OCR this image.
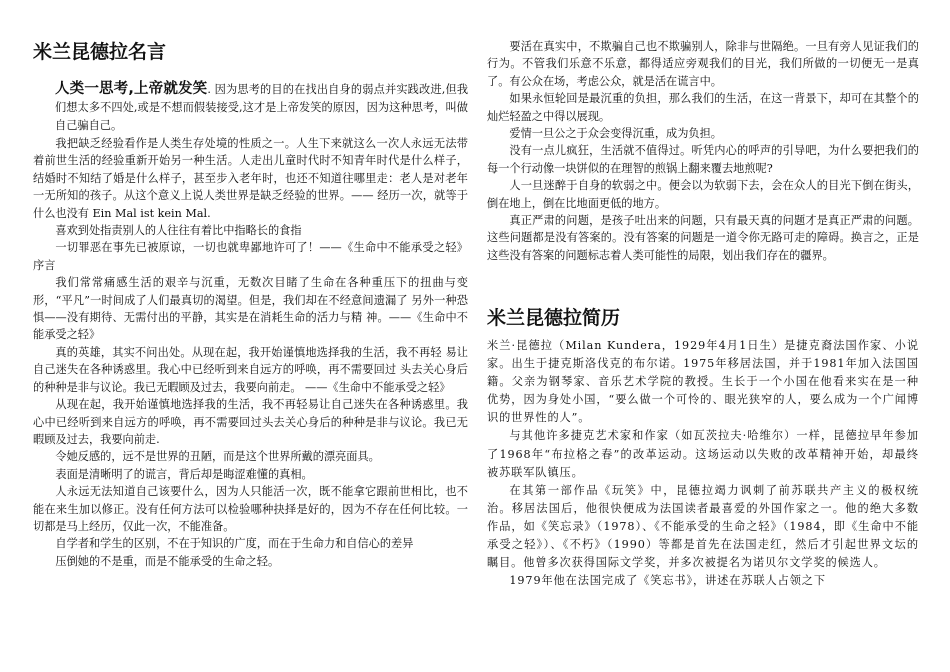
米兰昆德拉名言

人类一思考,上帝就发笑. 因为思考的目的在找出自身的弱点并实践改进,但我们想太多不四处,或是不想而假装接受,这才是上帝发笑的原因，因为这种思考，叫做自己骗自己。

我把缺乏经验看作是人类生存处境的性质之一。人生下来就这么一次人永远无法带着前世生活的经验重新开始另一种生活。人走出儿童时代时不知青年时代是什么样子，结婚时不知结了婚是什么样子，甚至步入老年时，也还不知道往哪里走：老人是对老年一无所知的孩子。从这个意义上说人类世界是缺乏经验的世界。—— 经历一次，就等于什么也没有 Ein Mal ist kein Mal.

喜欢到处指责别人的人往往有着比中指略长的食指

一切罪恶在事先已被原谅，一切也就卑鄙地许可了！——《生命中不能承受之轻》序言

我们常常痛感生活的艰辛与沉重，无数次目睹了生命在各种重压下的扭曲与变形，“平凡”一时间成了人们最真切的渴望。但是，我们却在不经意间遗漏了 另外一种恐惧——没有期待、无需付出的平静，其实是在消耗生命的活力与精 神。——《生命中不能承受之轻》

真的英雄，其实不问出处。从现在起，我开始谨慎地选择我的生活，我不再轻 易让自己迷失在各种诱惑里。我心中已经听到来自远方的呼唤，再不需要回过 头去关心身后的种种是非与议论。我已无暇顾及过去，我要向前走。 ——《生命中不能承受之轻》

从现在起，我开始谨慎地选择我的生活，我不再轻易让自己迷失在各种诱惑里。我心中已经听到来自远方的呼唤，再不需要回过头去关心身后的种种是非与议论。我已无暇顾及过去，我要向前走.

令她反感的，远不是世界的丑陋，而是这个世界所戴的漂亮面具。

表面是清晰明了的谎言，背后却是晦涩难懂的真相。

人永远无法知道自己该要什么，因为人只能活一次，既不能拿它跟前世相比，也不能在来生加以修正。没有任何方法可以检验哪种抉择是好的，因为不存在任何比较。一切都是马上经历，仅此一次，不能准备。

自学者和学生的区别，不在于知识的广度，而在于生命力和自信心的差异

压倒她的不是重，而是不能承受的生命之轻。

要活在真实中，不欺骗自己也不欺骗别人，除非与世隔绝。一旦有旁人见证我们的行为。不管我们乐意不乐意，都得适应旁观我们的目光，我们所做的一切便无一是真了。有公众在场，考虑公众，就是活在谎言中。

如果永恒轮回是最沉重的负担，那么我们的生活，在这一背景下，却可在其整个的灿烂轻盈之中得以展现。

爱情一旦公之于众会变得沉重，成为负担。

没有一点儿疯狂，生活就不值得过。听凭内心的呼声的引导吧，为什么要把我们的每一个行动像一块饼似的在理智的煎锅上翻来覆去地煎呢?

人一旦迷醉于自身的软弱之中。便会以为软弱下去，会在众人的目光下倒在街头，倒在地上，倒在比地面更低的地方。

真正严肃的问题，是孩子吐出来的问题，只有最天真的问题才是真正严肃的问题。这些问题都是没有答案的。没有答案的问题是一道令你无路可走的障碍。换言之，正是这些没有答案的问题标志着人类可能性的局限，划出我们存在的疆界。

米兰昆德拉简历

米兰·昆德拉（Milan Kundera，1929年4月1日生）是捷克裔法国作家、小说家。出生于捷克斯洛伐克的布尔诺。1975年移居法国，并于1981年加入法国国籍。父亲为钢琴家、音乐艺术学院的教授。生长于一个小国在他看来实在是一种优势，因为身处小国，“要么做一个可怜的、眼光狭窄的人，要么成为一个广闻博识的世界性的人”。

与其他许多捷克艺术家和作家（如瓦茨拉夫·哈维尔）一样，昆德拉早年参加了1968年“布拉格之春”的改革运动。这场运动以失败的改革精神开始，却最终被苏联军队镇压。

在其第一部作品《玩笑》中，昆德拉竭力讽刺了前苏联共产主义的极权统治。移居法国后，他很快便成为法国读者最喜爱的外国作家之一。他的绝大多数作品，如《笑忘录》（1978）、《不能承受的生命之轻》（1984，即《生命中不能承受之轻》）、《不朽》（1990）等都是首先在法国走红，然后才引起世界文坛的瞩目。他曾多次获得国际文学奖，并多次被提名为诺贝尔文学奖的候选人。

1979年他在法国完成了《笑忘书》，讲述在苏联人占领之下
